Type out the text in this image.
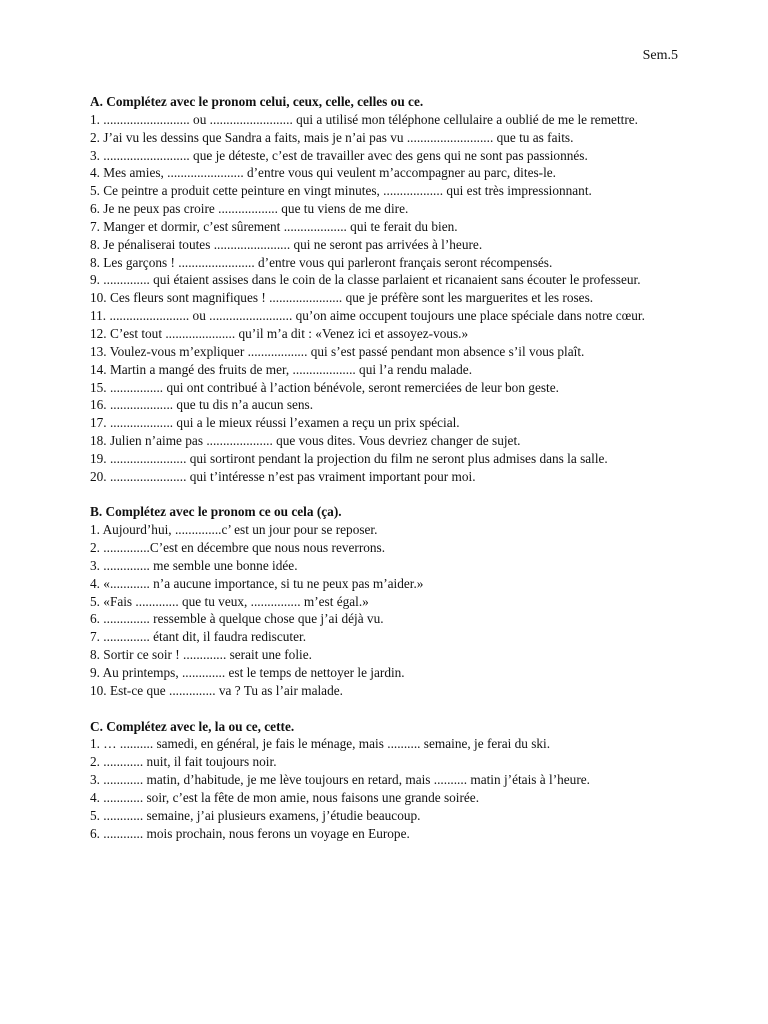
Sem.5
A. Complétez avec le pronom celui, ceux, celle, celles ou ce.
1. .......................... ou ......................... qui a utilisé mon téléphone cellulaire a oublié de me le remettre.
2. J’ai vu les dessins que Sandra a faits, mais je n’ai pas vu .......................... que tu as faits.
3. .......................... que je déteste, c’est de travailler avec des gens qui ne sont pas passionnés.
4. Mes amies, ....................... d’entre vous qui veulent m’accompagner au parc, dites-le.
5. Ce peintre a produit cette peinture en vingt minutes, .................. qui est très impressionnant.
6. Je ne peux pas croire .................. que tu viens de me dire.
7. Manger et dormir, c’est sûrement ................... qui te ferait du bien.
8. Je pénaliserai toutes ....................... qui ne seront pas arrivées à l’heure.
8. Les garçons ! ....................... d’entre vous qui parleront français seront récompensés.
9. .............. qui étaient assises dans le coin de la classe parlaient et ricanaient sans écouter le professeur.
10. Ces fleurs sont magnifiques ! ...................... que je préfère sont les marguerites et les roses.
11. ........................ ou ......................... qu’on aime occupent toujours une place spéciale dans notre cœur.
12. C’est tout ..................... qu’il m’a dit : «Venez ici et assoyez-vous.»
13. Voulez-vous m’expliquer .................. qui s’est passé pendant mon absence s’il vous plaît.
14. Martin a mangé des fruits de mer, ................... qui l’a rendu malade.
15. ................ qui ont contribué à l’action bénévole, seront remerciées de leur bon geste.
16. ................... que tu dis n’a aucun sens.
17. ................... qui a le mieux réussi l’examen a reçu un prix spécial.
18. Julien n’aime pas .................... que vous dites. Vous devriez changer de sujet.
19. ....................... qui sortiront pendant la projection du film ne seront plus admises dans la salle.
20. ....................... qui t’intéresse n’est pas vraiment important pour moi.
B. Complétez avec le pronom ce ou cela (ça).
1. Aujourd’hui, ..............c’ est un jour pour se reposer.
2. ..............C’est en décembre que nous nous reverrons.
3. .............. me semble une bonne idée.
4. «............ n’a aucune importance, si tu ne peux pas m’aider.»
5. «Fais ............. que tu veux, ............... m’est égal.»
6. .............. ressemble à quelque chose que j’ai déjà vu.
7. .............. étant dit, il faudra rediscuter.
8. Sortir ce soir ! ............. serait une folie.
9. Au printemps, ............. est le temps de nettoyer le jardin.
10. Est-ce que .............. va ? Tu as l’air malade.
C. Complétez avec le, la ou ce, cette.
1. … .......... samedi, en général, je fais le ménage, mais .......... semaine, je ferai du ski.
2. ............ nuit, il fait toujours noir.
3. ............ matin, d’habitude, je me lève toujours en retard, mais .......... matin j’étais à l’heure.
4. ............ soir, c’est la fête de mon amie, nous faisons une grande soirée.
5. ............ semaine, j’ai plusieurs examens, j’étudie beaucoup.
6. ............ mois prochain, nous ferons un voyage en Europe.
